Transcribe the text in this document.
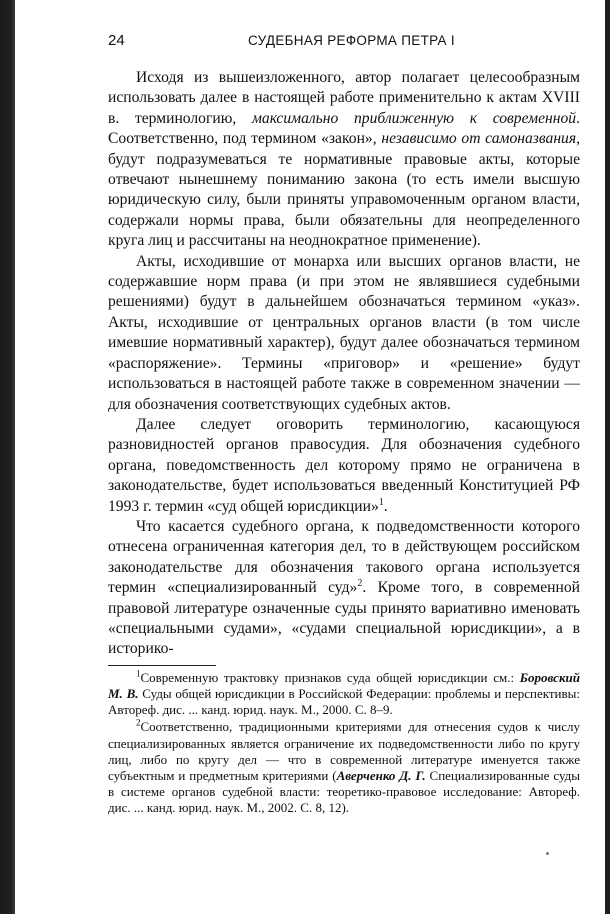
24	СУДЕБНАЯ РЕФОРМА ПЕТРА I

Исходя из вышеизложенного, автор полагает целесообразным использовать далее в настоящей работе применительно к актам XVIII в. терминологию, максимально приближенную к современной. Соответственно, под термином «закон», независимо от самоназвания, будут подразумеваться те нормативные правовые акты, которые отвечают нынешнему пониманию закона (то есть имели высшую юридическую силу, были приняты управомоченным органом власти, содержали нормы права, были обязательны для неопределенного круга лиц и рассчитаны на неоднократное применение).

Акты, исходившие от монарха или высших органов власти, не содержавшие норм права (и при этом не являвшиеся судебными решениями) будут в дальнейшем обозначаться термином «указ». Акты, исходившие от центральных органов власти (в том числе имевшие нормативный характер), будут далее обозначаться термином «распоряжение». Термины «приговор» и «решение» будут использоваться в настоящей работе также в современном значении — для обозначения соответствующих судебных актов.

Далее следует оговорить терминологию, касающуюся разновидностей органов правосудия. Для обозначения судебного органа, поведомственность дел которому прямо не ограничена в законодательстве, будет использоваться введенный Конституцией РФ 1993 г. термин «суд общей юрисдикции»$^1$.

Что касается судебного органа, к подведомственности которого отнесена ограниченная категория дел, то в действующем российском законодательстве для обозначения такового органа используется термин «специализированный суд»$^2$. Кроме того, в современной правовой литературе означенные суды принято вариативно именовать «специальными судами», «судами специальной юрисдикции», а в историко-

$^1$Современную трактовку признаков суда общей юрисдикции см.: Боровский М. В. Суды общей юрисдикции в Российской Федерации: проблемы и перспективы: Автореф. дис. ... канд. юрид. наук. М., 2000. С. 8–9.

$^2$Соответственно, традиционными критериями для отнесения судов к числу специализированных является ограничение их подведомственности либо по кругу лиц, либо по кругу дел — что в современной литературе именуется также субъектным и предметным критериями (Аверченко Д. Г. Специализированные суды в системе органов судебной власти: теоретико-правовое исследование: Автореф. дис. ... канд. юрид. наук. М., 2002. С. 8, 12).
